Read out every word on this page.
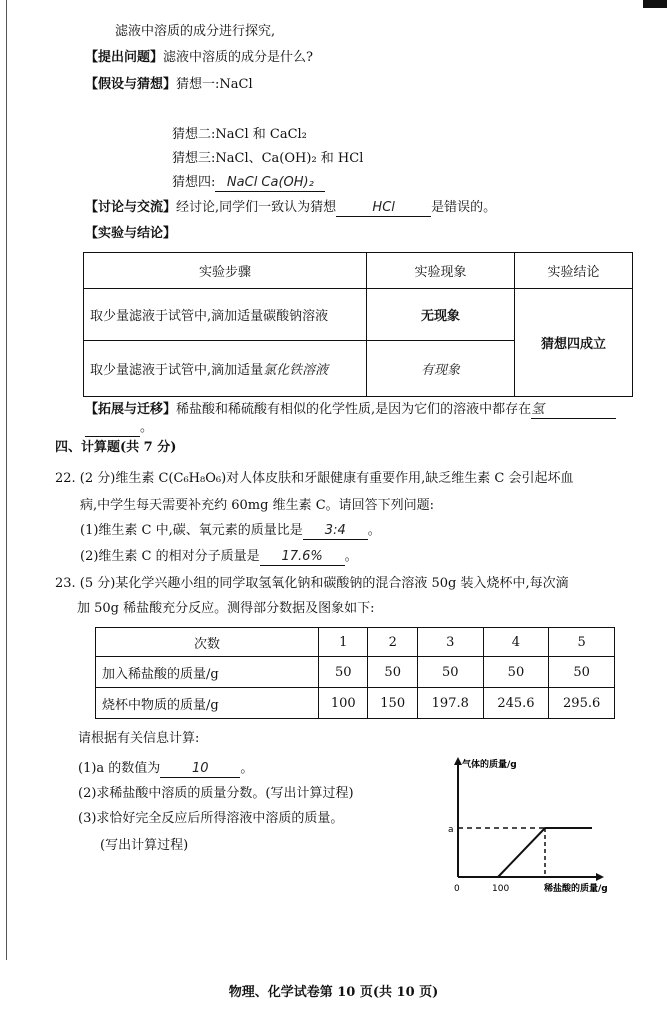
滤液中溶质的成分进行探究,
【提出问题】滤液中溶质的成分是什么?
【假设与猜想】猜想一:NaCl
猜想二:NaCl 和 CaCl₂
猜想三:NaCl、Ca(OH)₂ 和 HCl
猜想四: NaCl Ca(OH)₂
【讨论与交流】经讨论,同学们一致认为猜想	HCl	是错误的。
【实验与结论】
实验步骤	实验现象	实验结论
取少量滤液于试管中,滴加适量碳酸钠溶液	无现象	猜想四成立
取少量滤液于试管中,滴加适量氯化铁溶液	有现象	
【拓展与迁移】稀盐酸和稀硫酸有相似的化学性质,是因为它们的溶液中都存在氢
。
四、计算题(共 7 分)
22. (2 分)维生素 C(C₆H₈O₆)对人体皮肤和牙龈健康有重要作用,缺乏维生素 C 会引起坏血
病,中学生每天需要补充约 60mg 维生素 C。请回答下列问题:
(1)维生素 C 中,碳、氧元素的质量比是 3:4 。
(2)维生素 C 的相对分子质量是 17.6% 。
23. (5 分)某化学兴趣小组的同学取氢氧化钠和碳酸钠的混合溶液 50g 装入烧杯中,每次滴
加 50g 稀盐酸充分反应。测得部分数据及图象如下:
次数	1	2	3	4	5
加入稀盐酸的质量/g	50	50	50	50	50
烧杯中物质的质量/g	100	150	197.8	245.6	295.6
请根据有关信息计算:
(1)a 的数值为 10 。
(2)求稀盐酸中溶质的质量分数。(写出计算过程)
(3)求恰好完全反应后所得溶液中溶质的质量。
(写出计算过程)
气体的质量/g
a
0	100	稀盐酸的质量/g
物理、化学试卷第 10 页(共 10 页)
